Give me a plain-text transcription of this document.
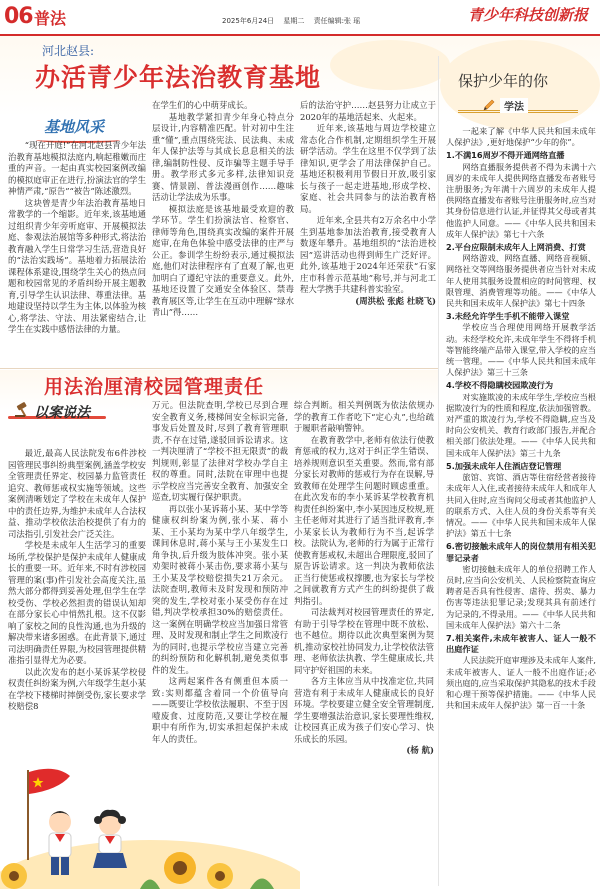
06 普法	2025年6月24日 星期二 责任编辑:张 瑶	青少年科技创新报
河北赵县:
办活青少年法治教育基地
基地风采

“现在开庭!”在河北赵县青少年法治教育基地模拟法庭内,响起稚嫩而庄重的声音。一起由真实校园案例改编的模拟庭审正在进行,扮演法官的学生神情严肃,“原告”“被告”陈述激烈。

这块曾是青少年法治教育基地日常教学的一个缩影。近年来,该基地通过组织青少年旁听庭审、开展模拟法庭、参观法治展馆等多种形式,将法治教育融入学生日常学习生活,营造良好的“法治实践场”。基地着力拓展法治课程体系建设,围绕学生关心的热点问题和校园常见的矛盾纠纷开展主题教育,引导学生认识法律、尊重法律。基地建设坚持以学生为主体,以体验为核心,将学法、守法、用法紧密结合,让学生在实践中感悟法律的力量。

在学生们的心中萌芽成长。

基地教学紧扣青少年身心特点分层设计,内容精准匹配。针对初中生注重“懂”,重点围绕宪法、民法典、未成年人保护法等与其成长息息相关的法律,编制防性侵、反诈骗等主题手导手册。教学形式多元多样,法律知识竞赛、情景剧、普法漫画创作……趣味活动让学法成为乐事。

模拟法庭是该基地最受欢迎的教学环节。学生们扮演法官、检察官、律师等角色,围绕真实改编的案件开展庭审,在角色体验中感受法律的庄严与公正。参训学生纷纷表示,通过模拟法庭,他们对法律程序有了直观了解,也更加明白了遵纪守法的重要意义。此外,基地还设置了交通安全体验区、禁毒教育展区等,让学生在互动中理解“绿水青山”得……

后的法治守护……赵县努力让成立于2020年的基地活起来、火起来。

近年来,该基地与周边学校建立常态化合作机制,定期组织学生开展研学活动。学生在这里不仅学到了法律知识,更学会了用法律保护自己。基地还积极利用节假日开放,吸引家长与孩子一起走进基地,形成学校、家庭、社会共同参与的法治教育格局。

近年来,全县共有2万余名中小学生到基地参加法治教育,接受教育人数逐年攀升。基地组织的“法治进校园”巡讲活动也得到师生广泛好评。此外,该基地于2024年还荣获“石家庄市科普示范基地”称号,并与河北工程大学携手共建科普实验室。

(周洪松 张彪 杜晓飞)

保护少年的你
学法

一起来了解《中华人民共和国未成年人保护法》,更好地保护“少年的你”。

1.不满16周岁不得开通网络直播

网络直播服务提供者不得为未满十六周岁的未成年人提供网络直播发布者账号注册服务;为年满十六周岁的未成年人提供网络直播发布者账号注册服务时,应当对其身份信息进行认证,并征得其父母或者其他监护人同意。——《中华人民共和国未成年人保护法》第七十六条

2.平台应限制未成年人上网消费、打赏

网络游戏、网络直播、网络音视频、网络社交等网络服务提供者应当针对未成年人使用其服务设置相应的时间管理、权限管理、消费管理等功能。——《中华人民共和国未成年人保护法》第七十四条

3.未经允许学生手机不能带入课堂

学校应当合理使用网络开展教学活动。未经学校允许,未成年学生不得将手机等智能终端产品带入课堂,带入学校的应当统一管理。——《中华人民共和国未成年人保护法》第三十三条

4.学校不得隐瞒校园欺凌行为

对实施欺凌的未成年学生,学校应当根据欺凌行为的性质和程度,依法加强管教。对严重的欺凌行为,学校不得隐瞒,应当及时向公安机关、教育行政部门报告,并配合相关部门依法处理。——《中华人民共和国未成年人保护法》第三十九条

5.加强未成年人住酒店登记管理

旅馆、宾馆、酒店等住宿经营者接待未成年人入住,或者接待未成年人和成年人共同入住时,应当询问父母或者其他监护人的联系方式、入住人员的身份关系等有关情况。——《中华人民共和国未成年人保护法》第五十七条

6.密切接触未成年人的岗位禁用有相关犯罪记录者

密切接触未成年人的单位招聘工作人员时,应当向公安机关、人民检察院查询应聘者是否具有性侵害、虐待、拐卖、暴力伤害等违法犯罪记录;发现其具有前述行为记录的,不得录用。——《中华人民共和国未成年人保护法》第六十二条

7.相关案件,未成年被害人、证人一般不出庭作证

人民法院开庭审理涉及未成年人案件,未成年被害人、证人一般不出庭作证;必须出庭的,应当采取保护其隐私的技术手段和心理干预等保护措施。——《中华人民共和国未成年人保护法》第一百一十条

用法治厘清校园管理责任
以案说法

最近,最高人民法院发布6件涉校园管理民事纠纷典型案例,涵盖学校安全管理责任界定、校园暴力监管责任追究、教师惩戒权实施等领域。这些案例清晰划定了学校在未成年人保护中的责任边界,为维护未成年人合法权益、推动学校依法治校提供了有力的司法指引,引发社会广泛关注。

学校是未成年人生活学习的重要场所,学校保护是保护未成年人健康成长的重要一环。近年来,不时有涉校园管理的案(事)件引发社会高度关注,虽然大部分都得到妥善处理,但学生在学校受伤、学校必然担责的错误认知却在部分家长心中悄然扎根。这不仅影响了家校之间的良性沟通,也为升级的解决带来诸多困惑。在此背景下,通过司法明确责任界限,为校园管理提供精准指引显得尤为必要。

以此次发布的赵小某诉某学校侵权责任纠纷案为例,六年级学生赵小某在学校下楼梯时摔倒受伤,家长要求学校赔偿8

万元。但法院查明,学校已尽到合理安全教育义务,楼梯间安全标识完备,事发后处置及时,尽到了教育管理职责,不存在过错,遂驳回诉讼请求。这一判决厘清了“学校不担无限责”的裁判规则,彰显了法律对学校办学自主权的尊重。同时,法院在审理中也提示学校应当完善安全教育、加强安全巡查,切实履行保护职责。

再以张小某诉蒋小某、某中学等健康权纠纷案为例,张小某、蒋小某、王小某均为某中学八年级学生,课间休息时,蒋小某与王小某发生口角争执,后升级为肢体冲突。张小某劝架时被蒋小某击伤,要求蒋小某与王小某及学校赔偿损失21万余元。法院查明,教师未及时发现和预防冲突的发生,学校对张小某受伤存在过错,判决学校承担30%的赔偿责任。这一案例在明确学校应当加强日常管理、及时发现和制止学生之间欺凌行为的同时,也提示学校应当建立完善的纠纷预防和化解机制,避免类似事件的发生。

这两起案件各有侧重但本质一致:实则都蕴含着同一个价值导向——既要让学校依法履职、不至于因噎废食、过度防范,又要让学校在履职中有所作为,切实承担起保护未成年人的责任。

综合判断。相关判例既为依法依规办学的教育工作者吃下“定心丸”,也给疏于履职者敲响警钟。

在教育教学中,老师有依法行使教育惩戒的权力,这对于纠正学生错误、培养规则意识至关重要。然而,常有部分家长对教师的惩戒行为存在误解,导致教师在处理学生问题时顾虑重重。在此次发布的李小某诉某学校教育机构责任纠纷案中,李小某因违反校规,班主任老师对其进行了适当批评教育,李小某家长认为教师行为不当,起诉学校。法院认为,老师的行为属于正常行使教育惩戒权,未超出合理限度,驳回了原告诉讼请求。这一判决为教师依法正当行使惩戒权撑腰,也为家长与学校之间就教育方式产生的纠纷提供了裁判指引。

司法裁判对校园管理责任的界定,有助于引导学校在管理中既不放松、也不越位。期待以此次典型案例为契机,推动家校社协同发力,让学校依法管理、老师依法执教、学生健康成长,共同守护好祖国的未来。

各方主体应当从中找准定位,共同营造有利于未成年人健康成长的良好环境。学校要建立健全安全管理制度,学生要增强法治意识,家长要理性维权,让校园真正成为孩子们安心学习、快乐成长的乐园。

(杨 航)
